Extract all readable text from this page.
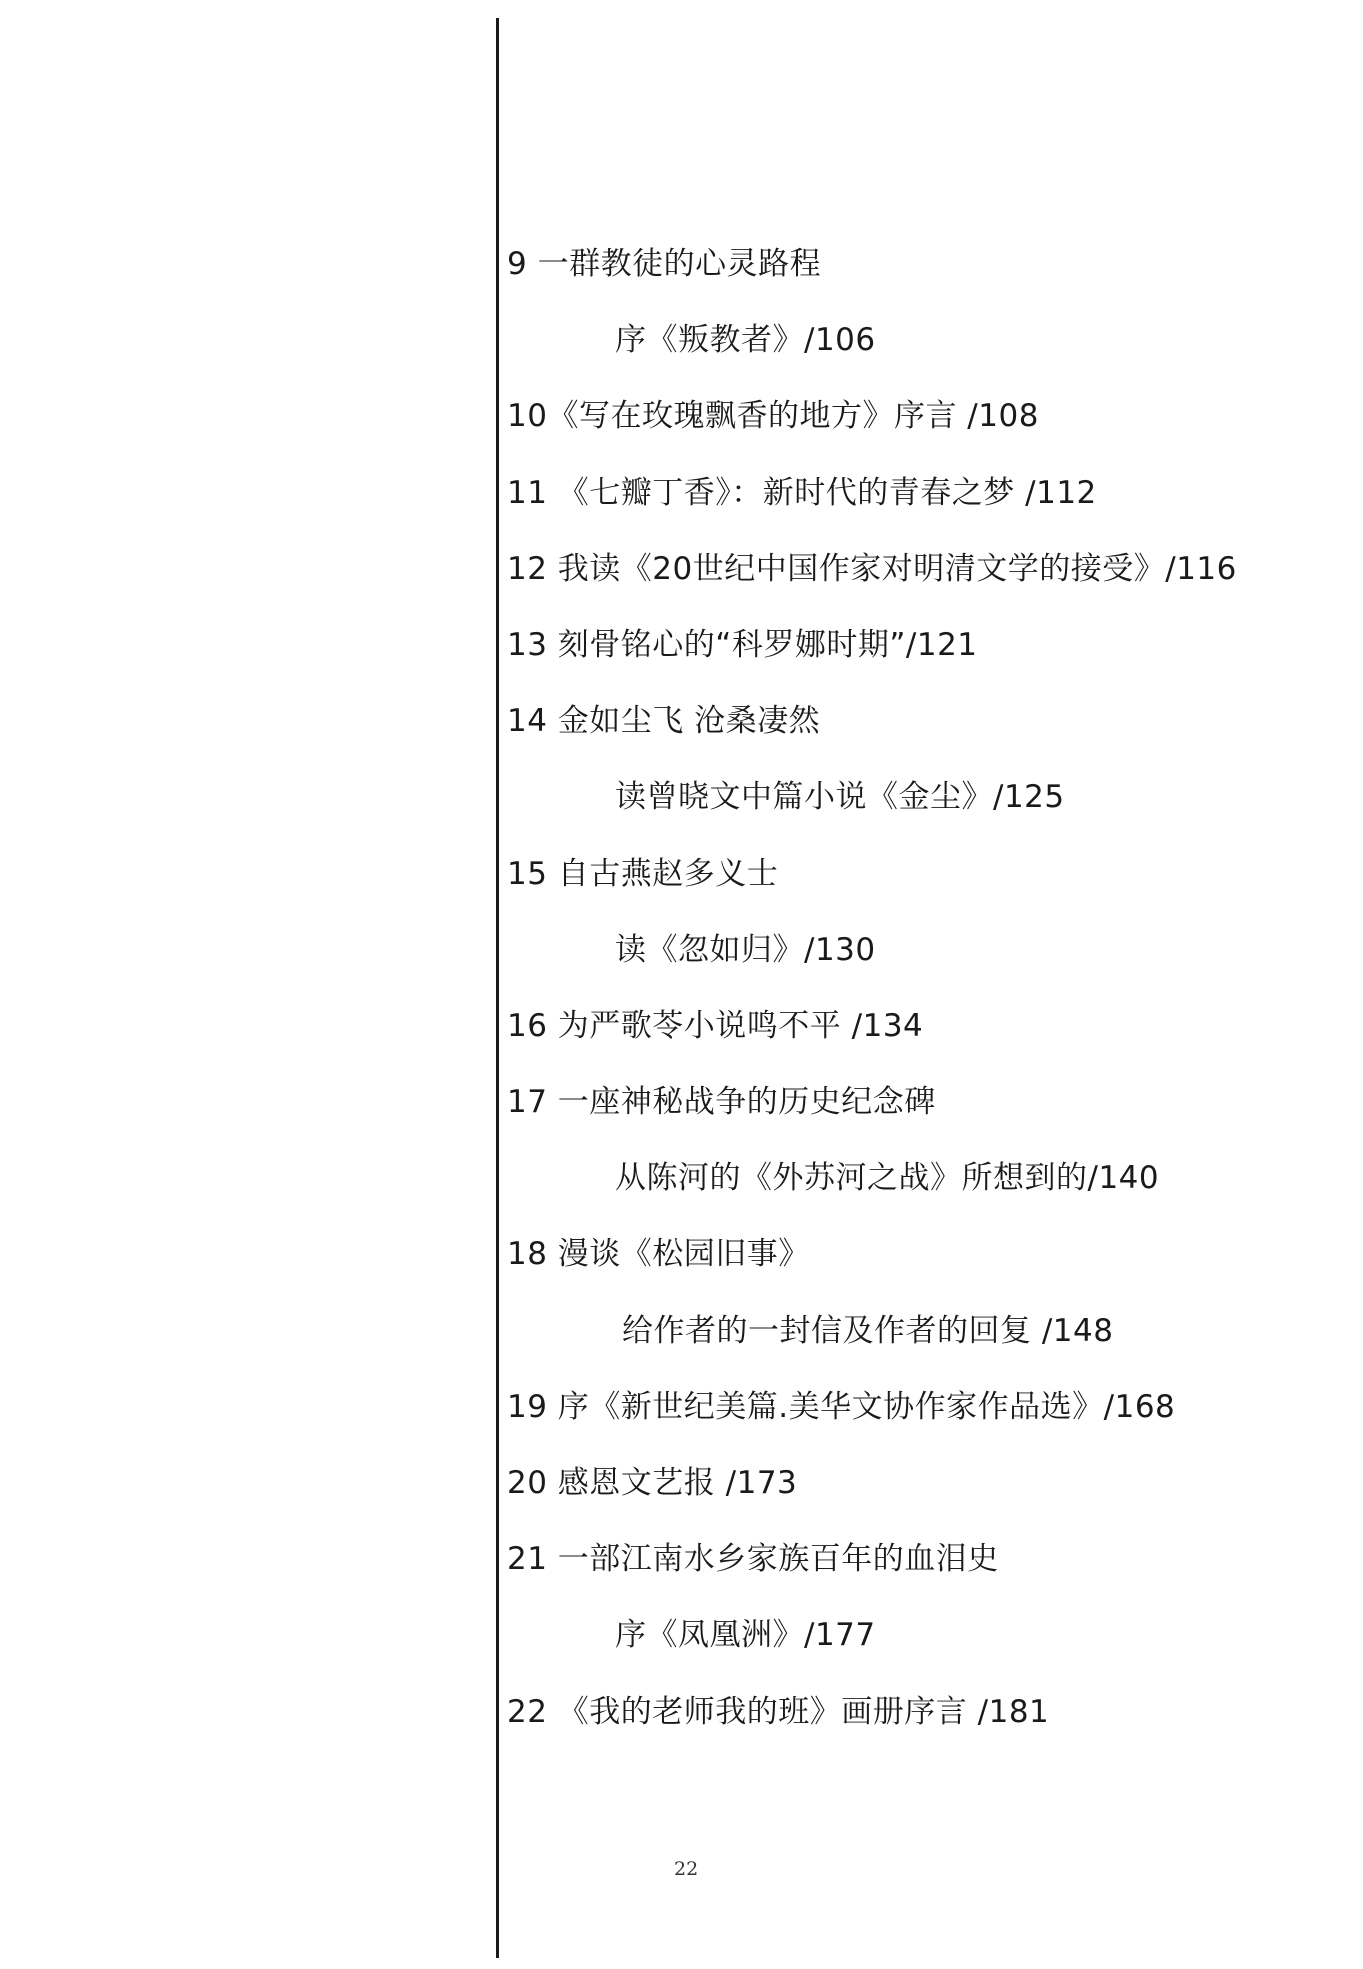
9 一群教徒的心灵路程
序《叛教者》/106
10《写在玫瑰飘香的地方》序言 /108
11 《七瓣丁香》：新时代的青春之梦 /112
12 我读《20世纪中国作家对明清文学的接受》/116
13 刻骨铭心的“科罗娜时期”/121
14 金如尘飞 沧桑凄然
读曾晓文中篇小说《金尘》/125
15 自古燕赵多义士
读《忽如归》/130
16 为严歌苓小说鸣不平 /134
17 一座神秘战争的历史纪念碑
从陈河的《外苏河之战》所想到的/140
18 漫谈《松园旧事》
给作者的一封信及作者的回复 /148
19 序《新世纪美篇.美华文协作家作品选》/168
20 感恩文艺报 /173
21 一部江南水乡家族百年的血泪史
序《凤凰洲》/177
22 《我的老师我的班》画册序言 /181
22
